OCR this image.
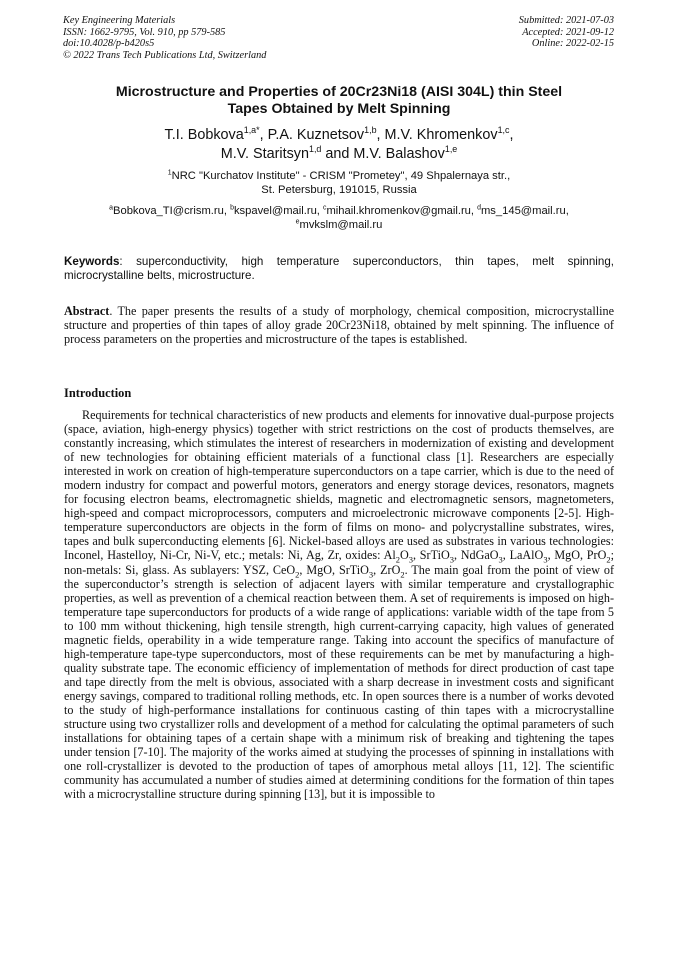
Key Engineering Materials
ISSN: 1662-9795, Vol. 910, pp 579-585
doi:10.4028/p-b420s5
© 2022 Trans Tech Publications Ltd, Switzerland
Submitted: 2021-07-03
Accepted: 2021-09-12
Online: 2022-02-15
Microstructure and Properties of 20Cr23Ni18 (AISI 304L) thin Steel
Tapes Obtained by Melt Spinning
T.I. Bobkova$^{1,a*}$, P.A. Kuznetsov$^{1,b}$, M.V. Khromenkov$^{1,c}$,
M.V. Staritsyn$^{1,d}$ and M.V. Balashov$^{1,e}$
$^1$NRC "Kurchatov Institute" - CRISM "Prometey", 49 Shpalernaya str.,
St. Petersburg, 191015, Russia
$^a$Bobkova_TI@crism.ru, $^b$kspavel@mail.ru, $^c$mihail.khromenkov@gmail.ru, $^d$ms_145@mail.ru,
$^e$mvkslm@mail.ru
Keywords: superconductivity, high temperature superconductors, thin tapes, melt spinning, microcrystalline belts, microstructure.
Abstract. The paper presents the results of a study of morphology, chemical composition, microcrystalline structure and properties of thin tapes of alloy grade 20Cr23Ni18, obtained by melt spinning. The influence of process parameters on the properties and microstructure of the tapes is established.
Introduction
Requirements for technical characteristics of new products and elements for innovative dual-purpose projects (space, aviation, high-energy physics) together with strict restrictions on the cost of products themselves, are constantly increasing, which stimulates the interest of researchers in modernization of existing and development of new technologies for obtaining efficient materials of a functional class [1]. Researchers are especially interested in work on creation of high-temperature superconductors on a tape carrier, which is due to the need of modern industry for compact and powerful motors, generators and energy storage devices, resonators, magnets for focusing electron beams, electromagnetic shields, magnetic and electromagnetic sensors, magnetometers, high-speed and compact microprocessors, computers and microelectronic microwave components [2-5]. High-temperature superconductors are objects in the form of films on mono- and polycrystalline substrates, wires, tapes and bulk superconducting elements [6]. Nickel-based alloys are used as substrates in various technologies: Inconel, Hastelloy, Ni-Cr, Ni-V, etc.; metals: Ni, Ag, Zr, oxides: $Al_2O_3$, SrTiO$_3$, NdGaO$_3$, LaAlO$_3$, MgO, PrO$_2$; non-metals: Si, glass. As sublayers: YSZ, CeO$_2$, MgO, SrTiO$_3$, ZrO$_2$. The main goal from the point of view of the superconductor’s strength is selection of adjacent layers with similar temperature and crystallographic properties, as well as prevention of a chemical reaction between them. A set of requirements is imposed on high-temperature tape superconductors for products of a wide range of applications: variable width of the tape from 5 to 100 mm without thickening, high tensile strength, high current-carrying capacity, high values of generated magnetic fields, operability in a wide temperature range. Taking into account the specifics of manufacture of high-temperature tape-type superconductors, most of these requirements can be met by manufacturing a high-quality substrate tape. The economic efficiency of implementation of methods for direct production of cast tape and tape directly from the melt is obvious, associated with a sharp decrease in investment costs and significant energy savings, compared to traditional rolling methods, etc. In open sources there is a number of works devoted to the study of high-performance installations for continuous casting of thin tapes with a microcrystalline structure using two crystallizer rolls and development of a method for calculating the optimal parameters of such installations for obtaining tapes of a certain shape with a minimum risk of breaking and tightening the tapes under tension [7-10]. The majority of the works aimed at studying the processes of spinning in installations with one roll-crystallizer is devoted to the production of tapes of amorphous metal alloys [11, 12]. The scientific community has accumulated a number of studies aimed at determining conditions for the formation of thin tapes with a microcrystalline structure during spinning [13], but it is impossible to
